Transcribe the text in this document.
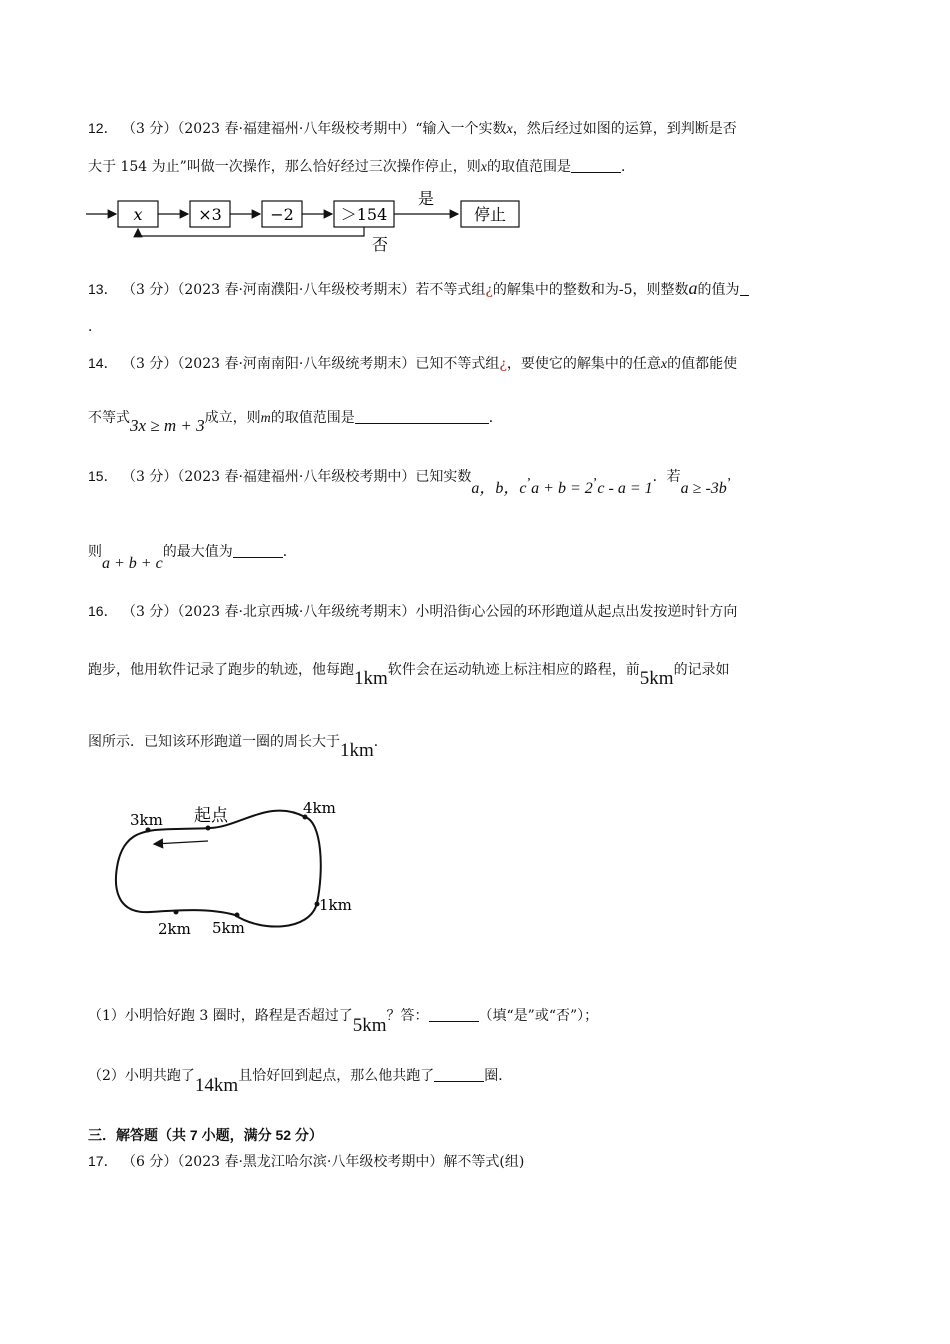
12． （3 分）（2023 春·福建福州·八年级校考期中）“输入一个实数x，然后经过如图的运算，到判断是否
大于 154 为止”叫做一次操作，那么恰好经过三次操作停止，则x的取值范围是	．
x	×3	−2	＞154
是
停止
否
13． （3 分）（2023 春·河南濮阳·八年级校考期末）若不等式组¿的解集中的整数和为-5，则整数a的值为
．
14． （3 分）（2023 春·河南南阳·八年级统考期末）已知不等式组¿，要使它的解集中的任意x的值都能使
不等式3x ≥ m + 3成立，则m的取值范围是	．
15． （3 分）（2023 春·福建福州·八年级校考期中）已知实数a，b，c’a + b = 2’c - a = 1．若a ≥ -3b’
则a + b + c的最大值为	．
16． （3 分）（2023 春·北京西城·八年级统考期末）小明沿街心公园的环形跑道从起点出发按逆时针方向
跑步，他用软件记录了跑步的轨迹，他每跑1km软件会在运动轨迹上标注相应的路程，前5km的记录如
图所示．已知该环形跑道一圈的周长大于1km．
起点
3km
4km
1km
2km 5km
（1）小明恰好跑 3 圈时，路程是否超过了5km？答：	（填“是”或“否”）；
（2）小明共跑了14km且恰好回到起点，那么他共跑了	圈．
三．解答题（共 7 小题，满分 52 分）
17． （6 分）（2023 春·黑龙江哈尔滨·八年级校考期中）解不等式(组)
